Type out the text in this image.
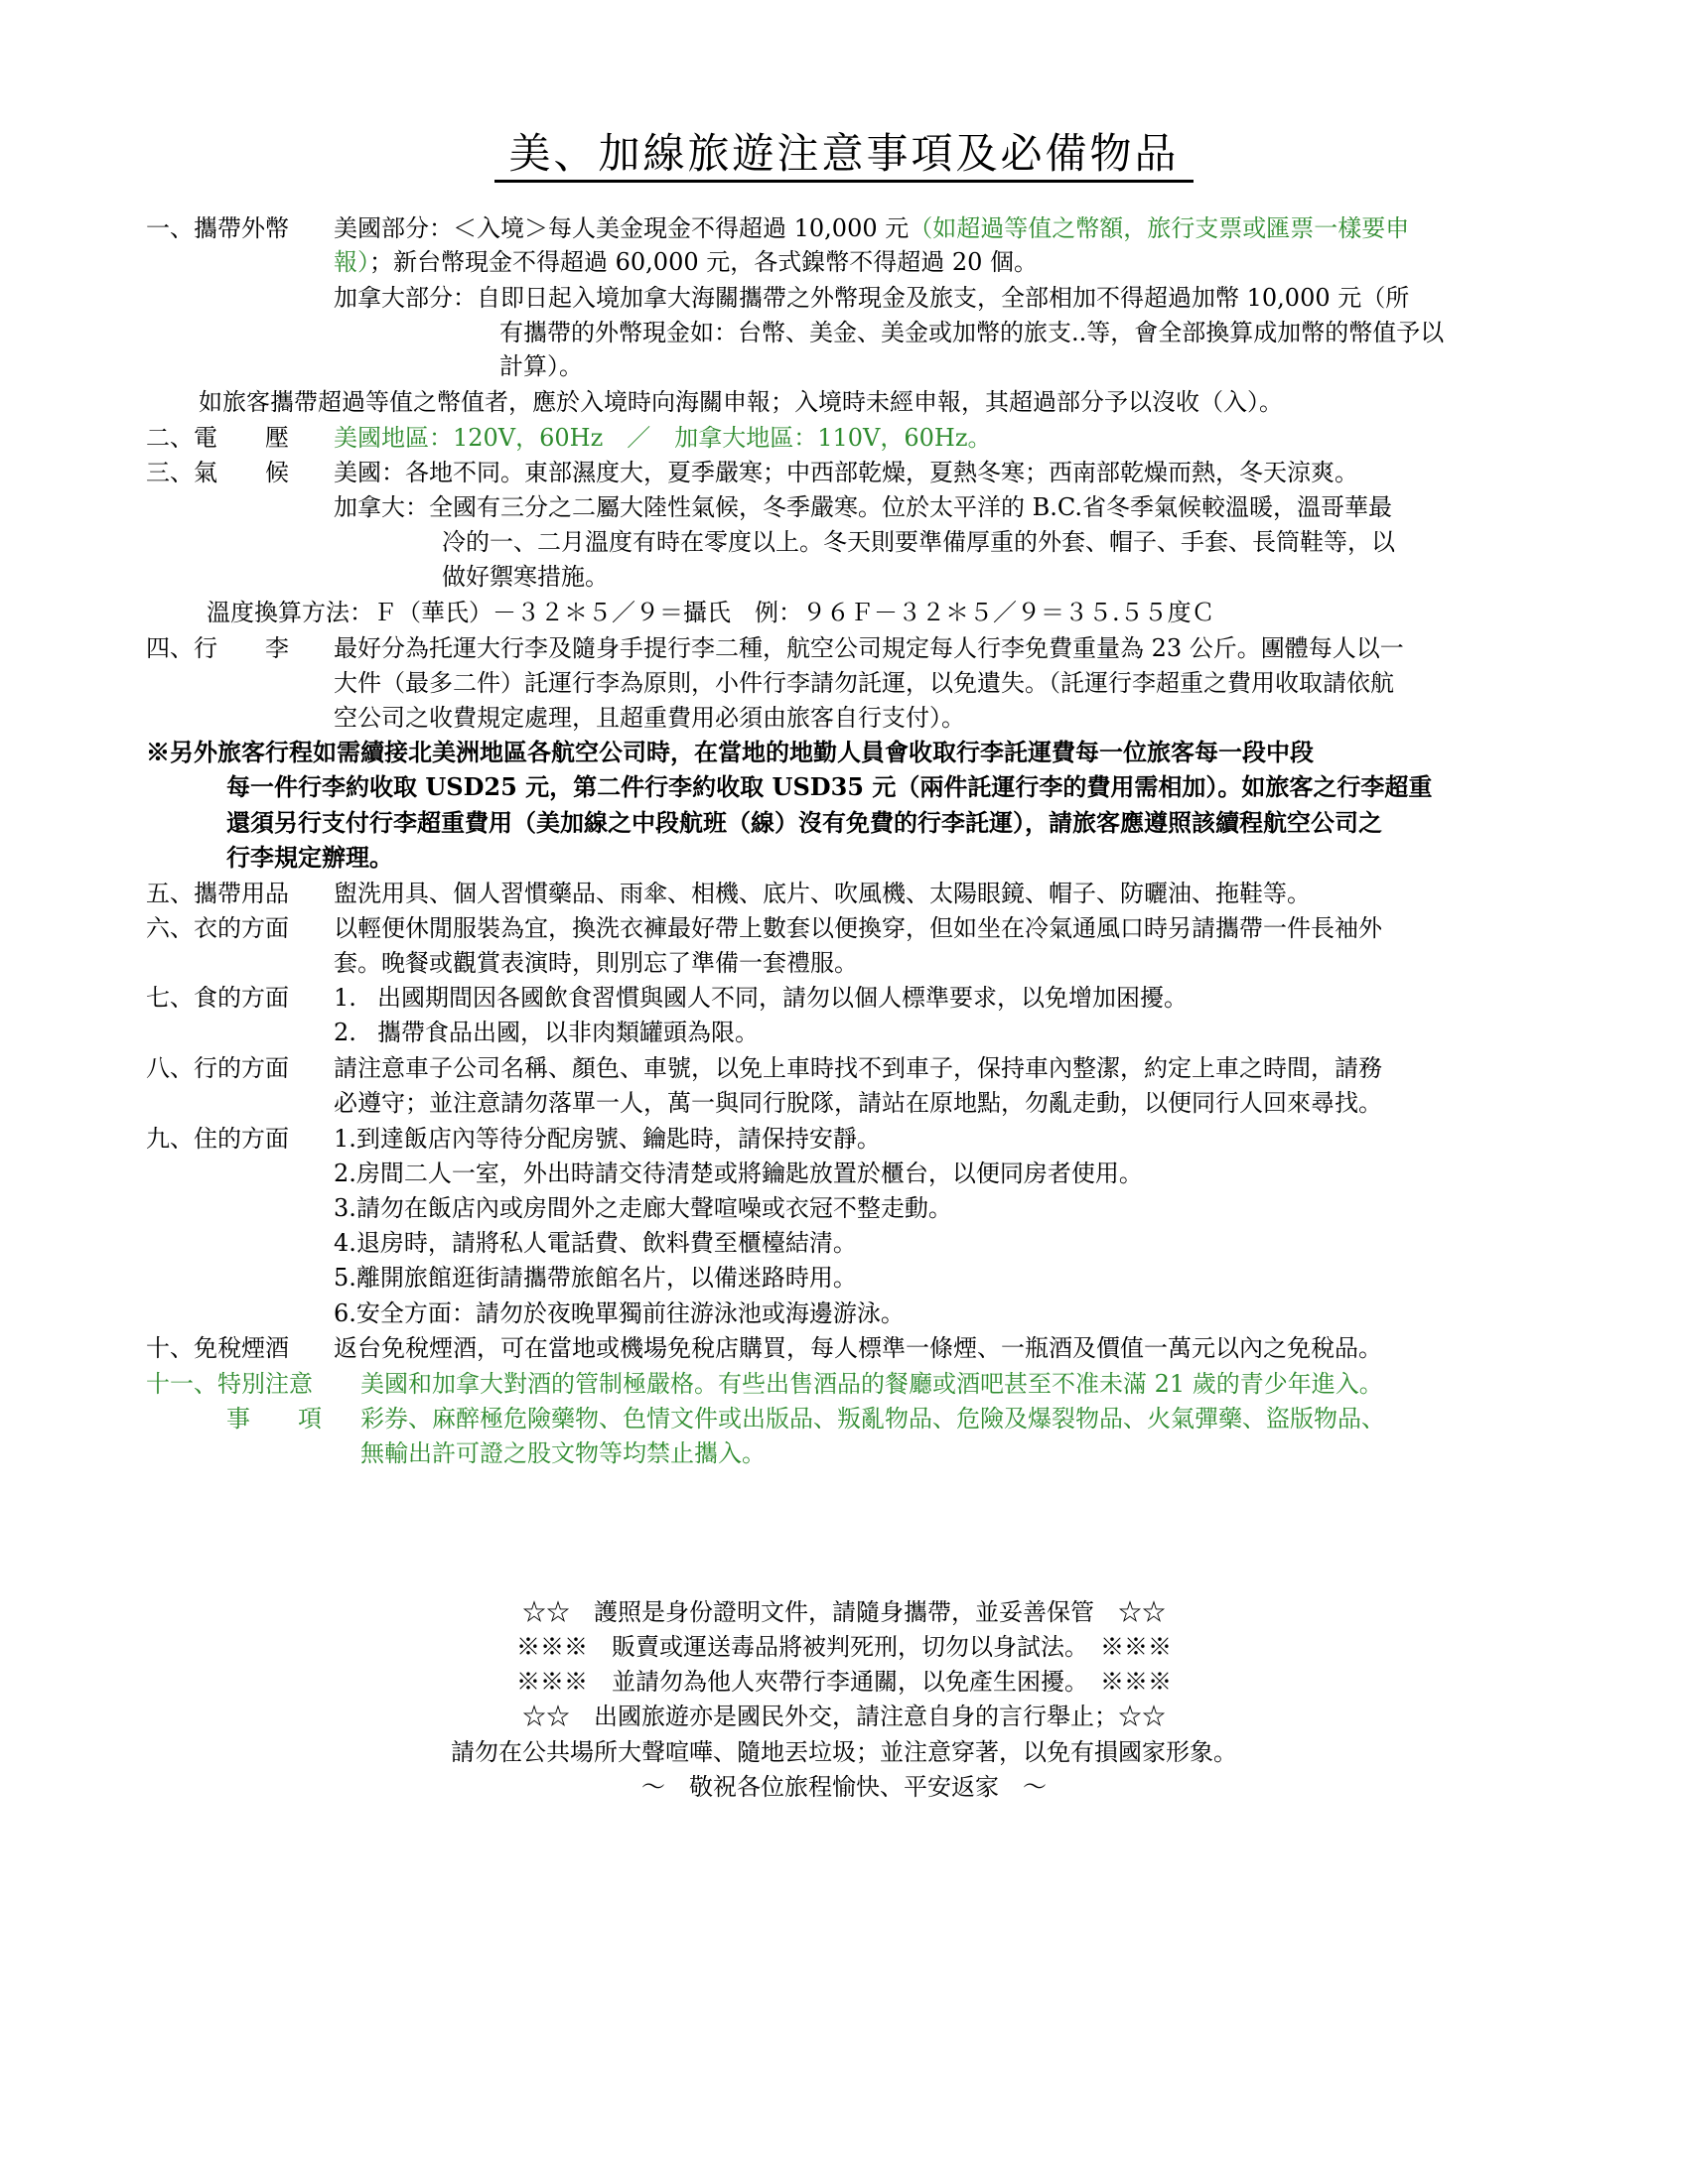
美、加線旅遊注意事項及必備物品
一、攜帶外幣 美國部分：＜入境＞每人美金現金不得超過 10,000 元（如超過等值之幣額，旅行支票或匯票一樣要申
報）；新台幣現金不得超過 60,000 元，各式鎳幣不得超過 20 個。
加拿大部分：自即日起入境加拿大海關攜帶之外幣現金及旅支，全部相加不得超過加幣 10,000 元（所
有攜帶的外幣現金如：台幣、美金、美金或加幣的旅支..等，會全部換算成加幣的幣值予以
計算）。
如旅客攜帶超過等值之幣值者，應於入境時向海關申報；入境時未經申報，其超過部分予以沒收（入）。
二、電　　壓 美國地區：120V，60Hz　／　加拿大地區：110V，60Hz。
三、氣　　候 美國：各地不同。東部濕度大，夏季嚴寒；中西部乾燥，夏熱冬寒；西南部乾燥而熱，冬天涼爽。
加拿大：全國有三分之二屬大陸性氣候，冬季嚴寒。位於太平洋的 B.C.省冬季氣候較溫暖，溫哥華最
冷的一、二月溫度有時在零度以上。冬天則要準備厚重的外套、帽子、手套、長筒鞋等，以
做好禦寒措施。
溫度換算方法：Ｆ（華氏）－３２＊５／９＝攝氏　例：９６Ｆ－３２＊５／９＝３５.５５度Ｃ
四、行　　李 最好分為托運大行李及隨身手提行李二種，航空公司規定每人行李免費重量為 23 公斤。團體每人以一
大件（最多二件）託運行李為原則，小件行李請勿託運，以免遺失。（託運行李超重之費用收取請依航
空公司之收費規定處理，且超重費用必須由旅客自行支付）。
※另外旅客行程如需續接北美洲地區各航空公司時，在當地的地勤人員會收取行李託運費每一位旅客每一段中段
每一件行李約收取 USD25 元，第二件行李約收取 USD35 元（兩件託運行李的費用需相加）。如旅客之行李超重
還須另行支付行李超重費用（美加線之中段航班（線）沒有免費的行李託運），請旅客應遵照該續程航空公司之
行李規定辦理。
五、攜帶用品 盥洗用具、個人習慣藥品、雨傘、相機、底片、吹風機、太陽眼鏡、帽子、防曬油、拖鞋等。
六、衣的方面 以輕便休閒服裝為宜，換洗衣褲最好帶上數套以便換穿，但如坐在冷氣通風口時另請攜帶一件長袖外
套。晚餐或觀賞表演時，則別忘了準備一套禮服。
七、食的方面 1. 出國期間因各國飲食習慣與國人不同，請勿以個人標準要求，以免增加困擾。
2. 攜帶食品出國，以非肉類罐頭為限。
八、行的方面 請注意車子公司名稱、顏色、車號，以免上車時找不到車子，保持車內整潔，約定上車之時間，請務
必遵守；並注意請勿落單一人，萬一與同行脫隊，請站在原地點，勿亂走動，以便同行人回來尋找。
九、住的方面 1.到達飯店內等待分配房號、鑰匙時，請保持安靜。
2.房間二人一室，外出時請交待清楚或將鑰匙放置於櫃台，以便同房者使用。
3.請勿在飯店內或房間外之走廊大聲喧噪或衣冠不整走動。
4.退房時，請將私人電話費、飲料費至櫃檯結清。
5.離開旅館逛街請攜帶旅館名片，以備迷路時用。
6.安全方面：請勿於夜晚單獨前往游泳池或海邊游泳。
十、免稅煙酒 返台免稅煙酒，可在當地或機場免稅店購買，每人標準一條煙、一瓶酒及價值一萬元以內之免稅品。
十一、特別注意 美國和加拿大對酒的管制極嚴格。有些出售酒品的餐廳或酒吧甚至不准未滿 21 歲的青少年進入。
事　　項 彩券、麻醉極危險藥物、色情文件或出版品、叛亂物品、危險及爆裂物品、火氣彈藥、盜版物品、
無輸出許可證之股文物等均禁止攜入。
☆☆　護照是身份證明文件，請隨身攜帶，並妥善保管　☆☆
※※※　販賣或運送毒品將被判死刑，切勿以身試法。　※※※
※※※　並請勿為他人夾帶行李通關，以免產生困擾。　※※※
☆☆　出國旅遊亦是國民外交，請注意自身的言行舉止；☆☆
請勿在公共場所大聲喧嘩、隨地丟垃圾；並注意穿著，以免有損國家形象。
～　敬祝各位旅程愉快、平安返家　～
